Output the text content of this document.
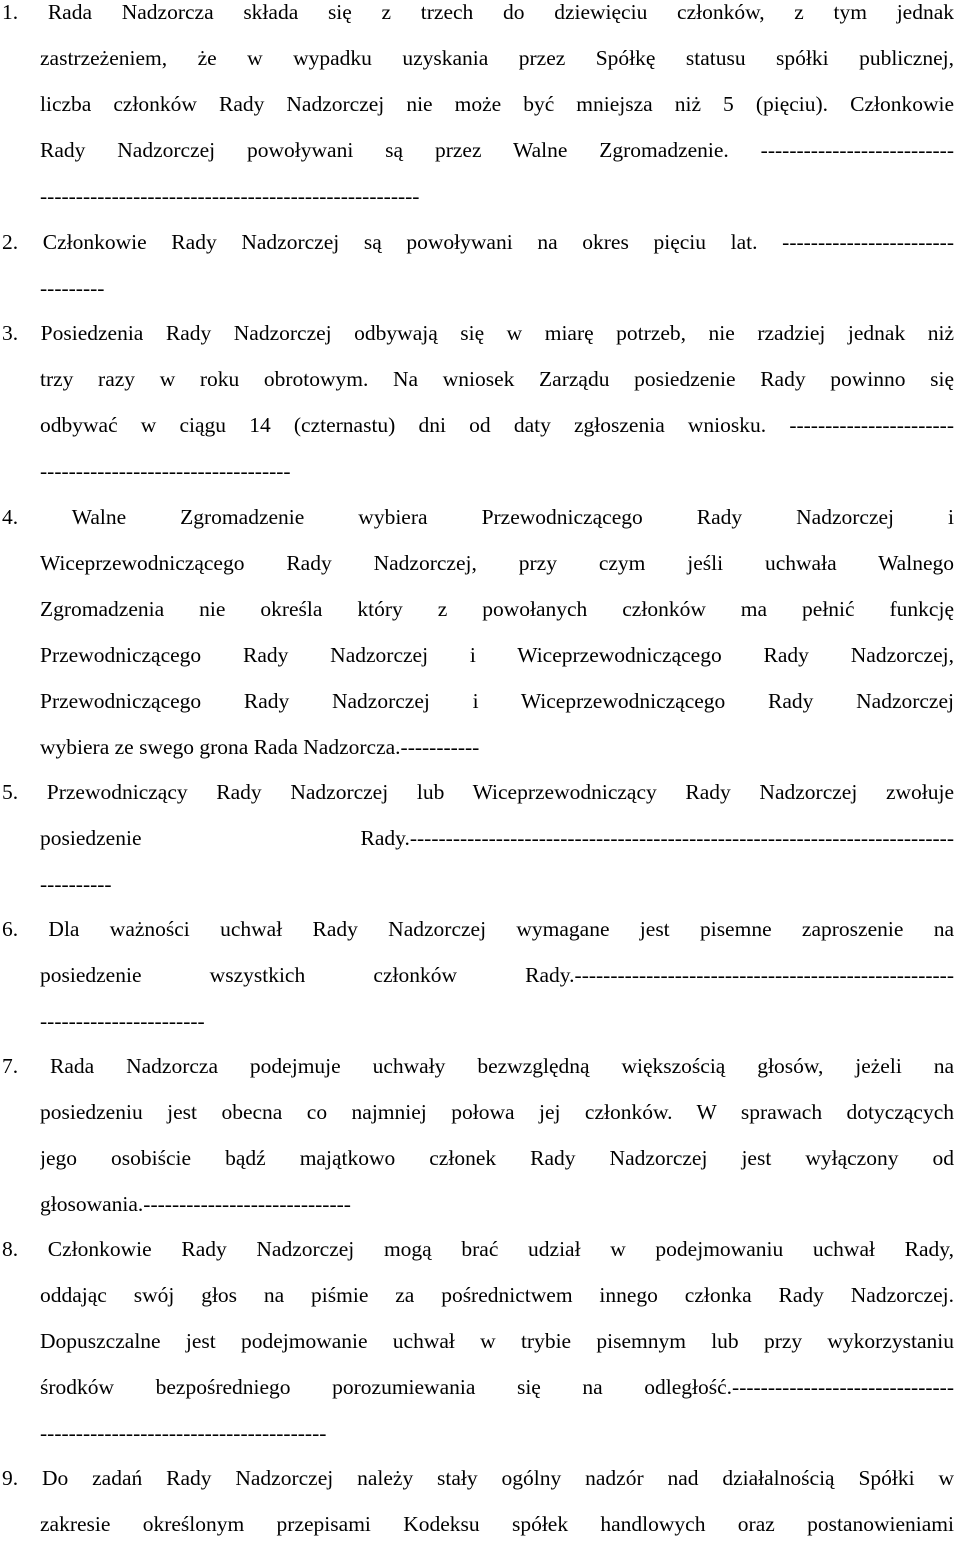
1. Rada Nadzorcza składa się z trzech do dziewięciu członków, z tym jednak
zastrzeżeniem, że w wypadku uzyskania przez Spółkę statusu spółki publicznej,
liczba członków Rady Nadzorczej nie może być mniejsza niż 5 (pięciu). Członkowie
Rady Nadzorczej powoływani są przez Walne Zgromadzenie. ---------------------------
-----------------------------------------------------
2. Członkowie Rady Nadzorczej są powoływani na okres pięciu lat. ------------------------
---------
3. Posiedzenia Rady Nadzorczej odbywają się w miarę potrzeb, nie rzadziej jednak niż
trzy razy w roku obrotowym. Na wniosek Zarządu posiedzenie Rady powinno się
odbywać w ciągu 14 (czternastu) dni od daty zgłoszenia wniosku. -----------------------
-----------------------------------
4. Walne Zgromadzenie wybiera Przewodniczącego Rady Nadzorczej i
Wiceprzewodniczącego Rady Nadzorczej, przy czym jeśli uchwała Walnego
Zgromadzenia nie określa który z powołanych członków ma pełnić funkcję
Przewodniczącego Rady Nadzorczej i Wiceprzewodniczącego Rady Nadzorczej,
Przewodniczącego Rady Nadzorczej i Wiceprzewodniczącego Rady Nadzorczej
wybiera ze swego grona Rada Nadzorcza.-----------
5. Przewodniczący Rady Nadzorczej lub Wiceprzewodniczący Rady Nadzorczej zwołuje
posiedzenie Rady.----------------------------------------------------------------------------
----------
6. Dla ważności uchwał Rady Nadzorczej wymagane jest pisemne zaproszenie na
posiedzenie wszystkich członków Rady.-----------------------------------------------------
-----------------------
7. Rada Nadzorcza podejmuje uchwały bezwzględną większością głosów, jeżeli na
posiedzeniu jest obecna co najmniej połowa jej członków. W sprawach dotyczących
jego osobiście bądź majątkowo członek Rady Nadzorczej jest wyłączony od
głosowania.-----------------------------
8. Członkowie Rady Nadzorczej mogą brać udział w podejmowaniu uchwał Rady,
oddając swój głos na piśmie za pośrednictwem innego członka Rady Nadzorczej.
Dopuszczalne jest podejmowanie uchwał w trybie pisemnym lub przy wykorzystaniu
środków bezpośredniego porozumiewania się na odległość.-------------------------------
----------------------------------------
9. Do zadań Rady Nadzorczej należy stały ogólny nadzór nad działalnością Spółki w
zakresie określonym przepisami Kodeksu spółek handlowych oraz postanowieniami
